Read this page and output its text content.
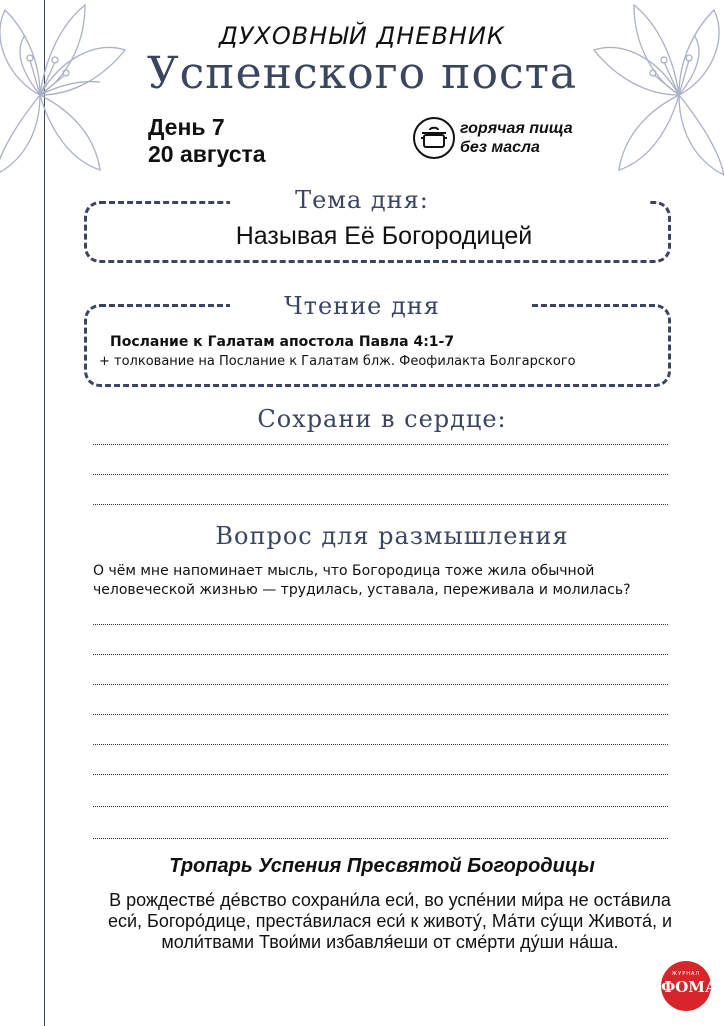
ДУХОВНЫЙ ДНЕВНИК
Успенского поста
День 7
20 августа
горячая пища
без масла
Тема дня:
Называя Её Богородицей
Чтение дня
Послание к Галатам апостола Павла 4:1-7
+ толкование на Послание к Галатам блж. Феофилакта Болгарского
Сохрани в сердце:
Вопрос для размышления
О чём мне напоминает мысль, что Богородица тоже жила обычной человеческой жизнью — трудилась, уставала, переживала и молилась?
Тропарь Успения Пресвятой Богородицы
В рождестве́ де́вство сохрани́ла еси́, во успе́нии ми́ра не оста́вила еси́, Богоро́дице, преста́вилася еси́ к животу́, Ма́ти су́щи Живота́, и моли́твами Твои́ми избавля́еши от сме́рти ду́ши на́ша.
ЖУРНАЛ
ФОМА
